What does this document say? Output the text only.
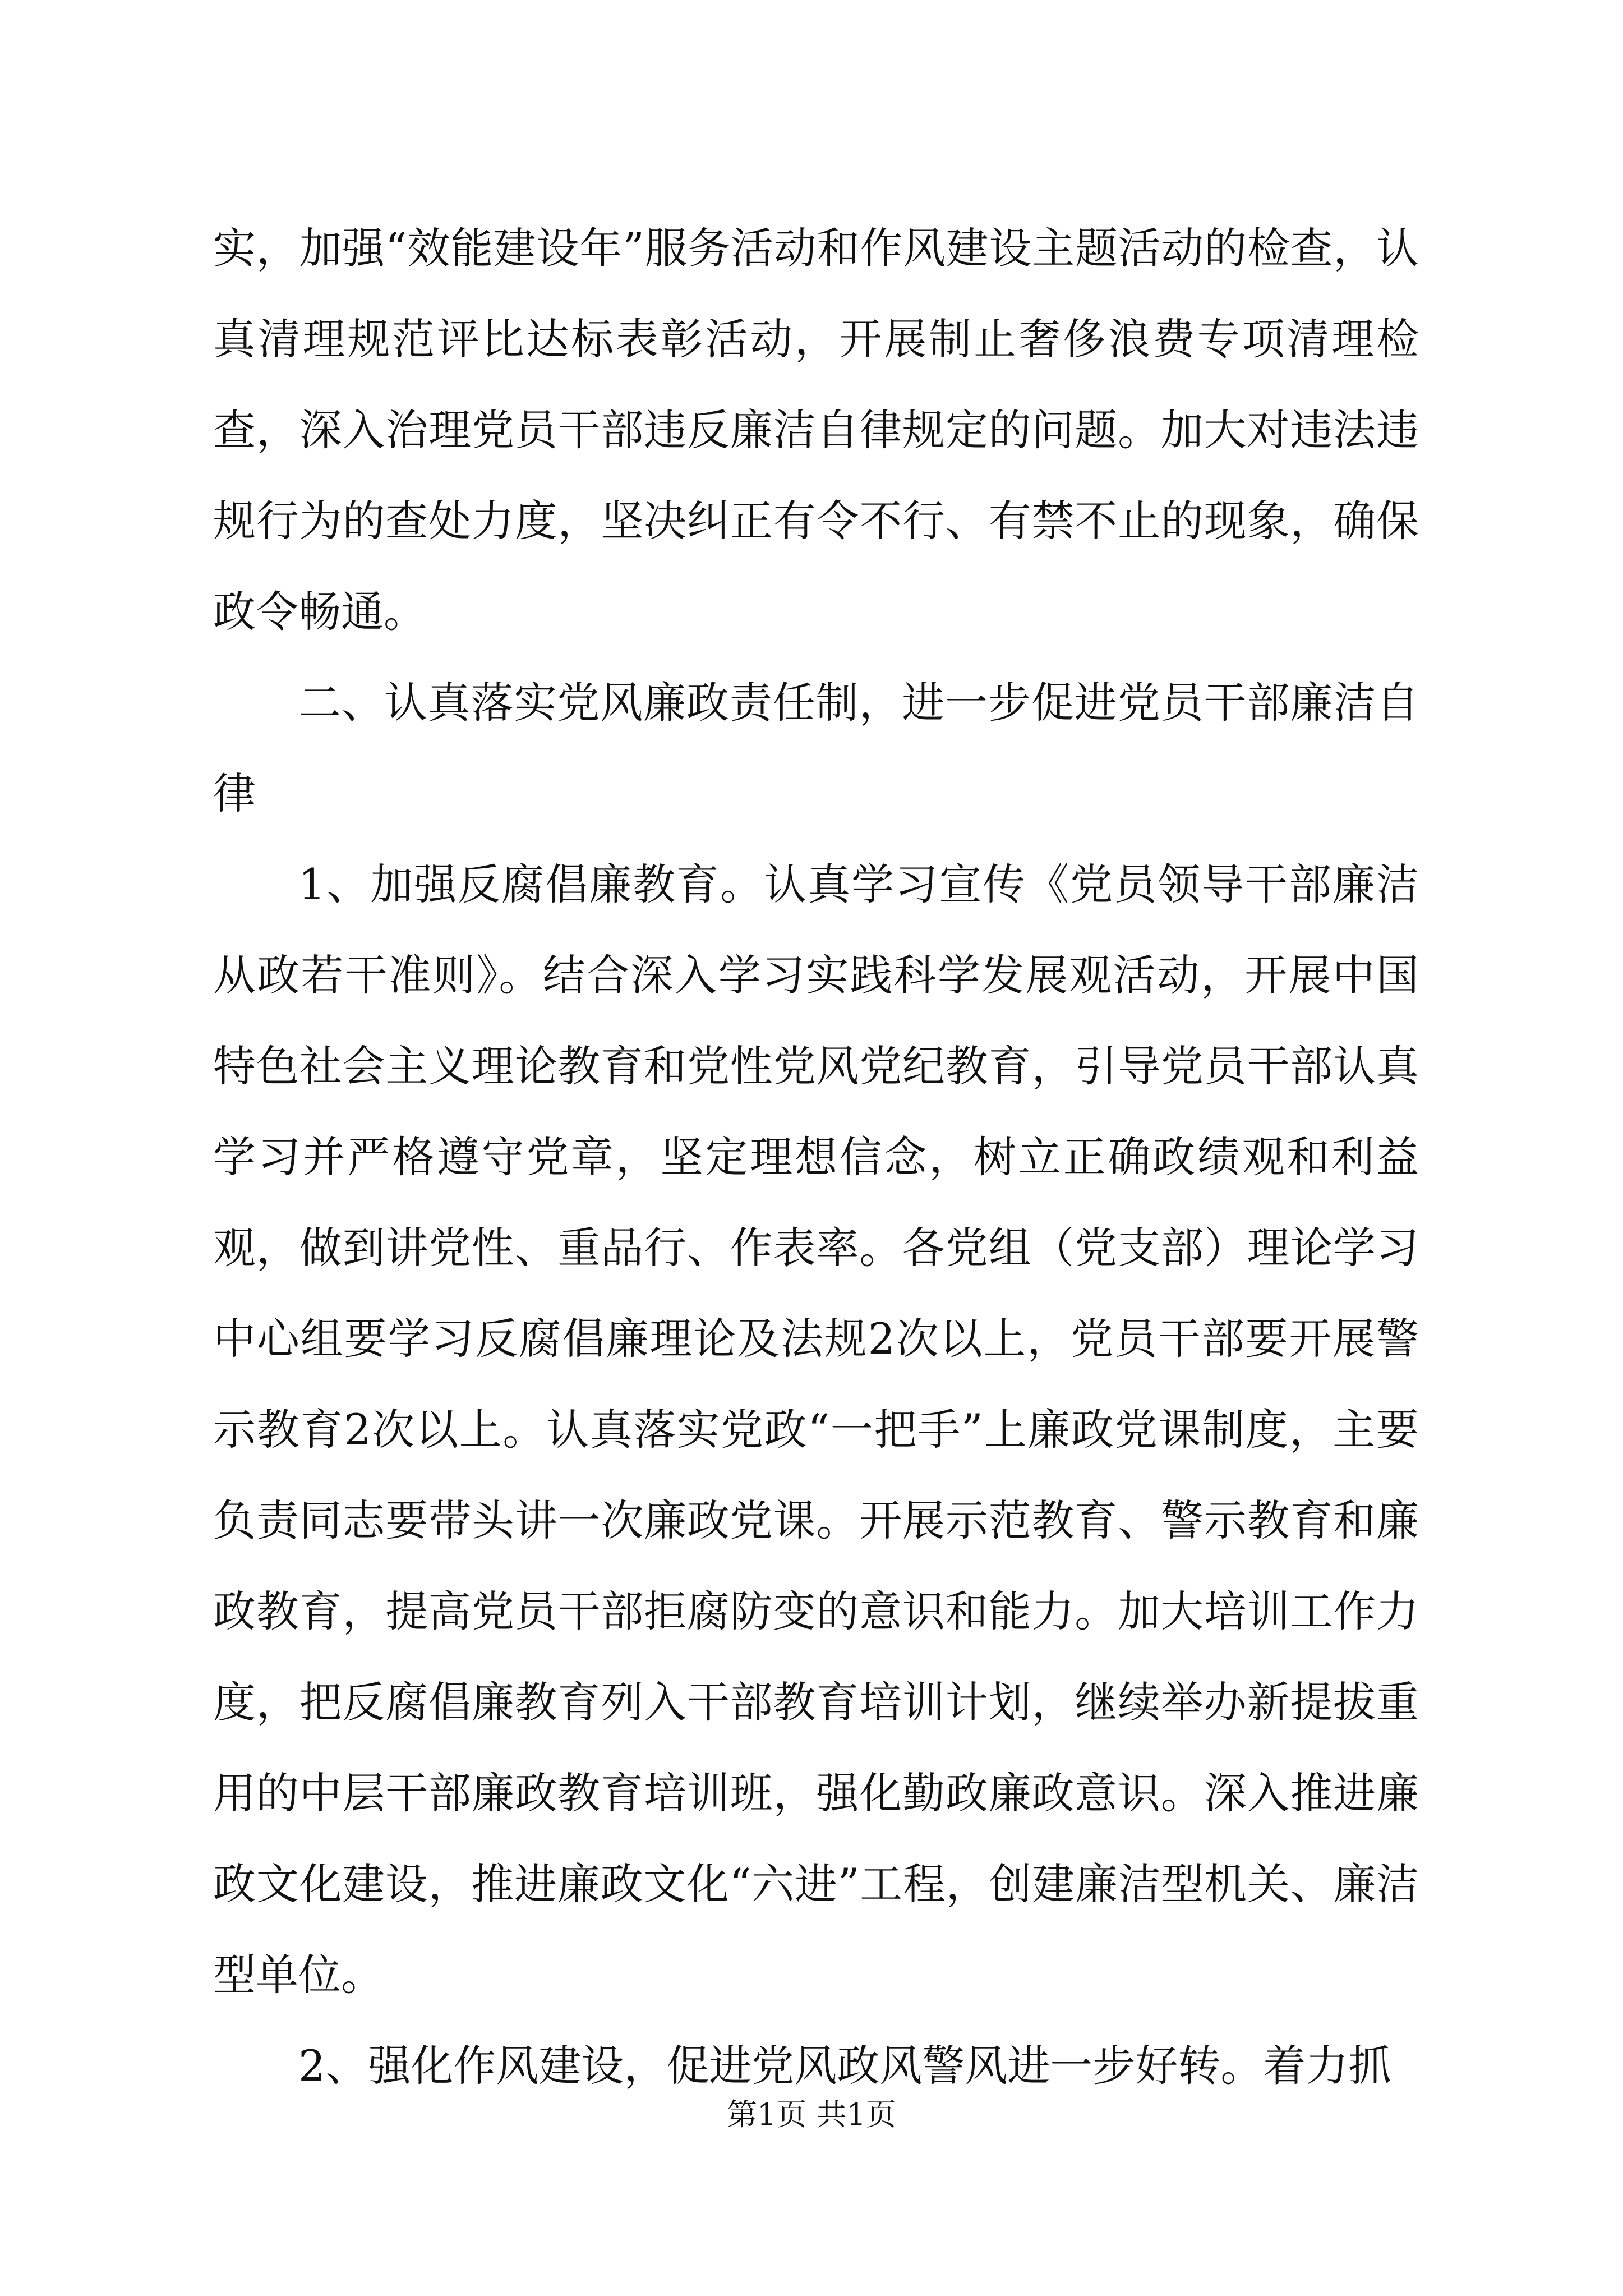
实，加强“效能建设年”服务活动和作风建设主题活动的检查，认真清理规范评比达标表彰活动，开展制止奢侈浪费专项清理检查，深入治理党员干部违反廉洁自律规定的问题。加大对违法违规行为的查处力度，坚决纠正有令不行、有禁不止的现象，确保政令畅通。

二、认真落实党风廉政责任制，进一步促进党员干部廉洁自律

1、加强反腐倡廉教育。认真学习宣传《党员领导干部廉洁从政若干准则》。结合深入学习实践科学发展观活动，开展中国特色社会主义理论教育和党性党风党纪教育，引导党员干部认真学习并严格遵守党章，坚定理想信念，树立正确政绩观和利益观，做到讲党性、重品行、作表率。各党组（党支部）理论学习中心组要学习反腐倡廉理论及法规2次以上，党员干部要开展警示教育2次以上。认真落实党政“一把手”上廉政党课制度，主要负责同志要带头讲一次廉政党课。开展示范教育、警示教育和廉政教育，提高党员干部拒腐防变的意识和能力。加大培训工作力度，把反腐倡廉教育列入干部教育培训计划，继续举办新提拔重用的中层干部廉政教育培训班，强化勤政廉政意识。深入推进廉政文化建设，推进廉政文化“六进”工程，创建廉洁型机关、廉洁型单位。

2、强化作风建设，促进党风政风警风进一步好转。着力抓

第1页 共1页
